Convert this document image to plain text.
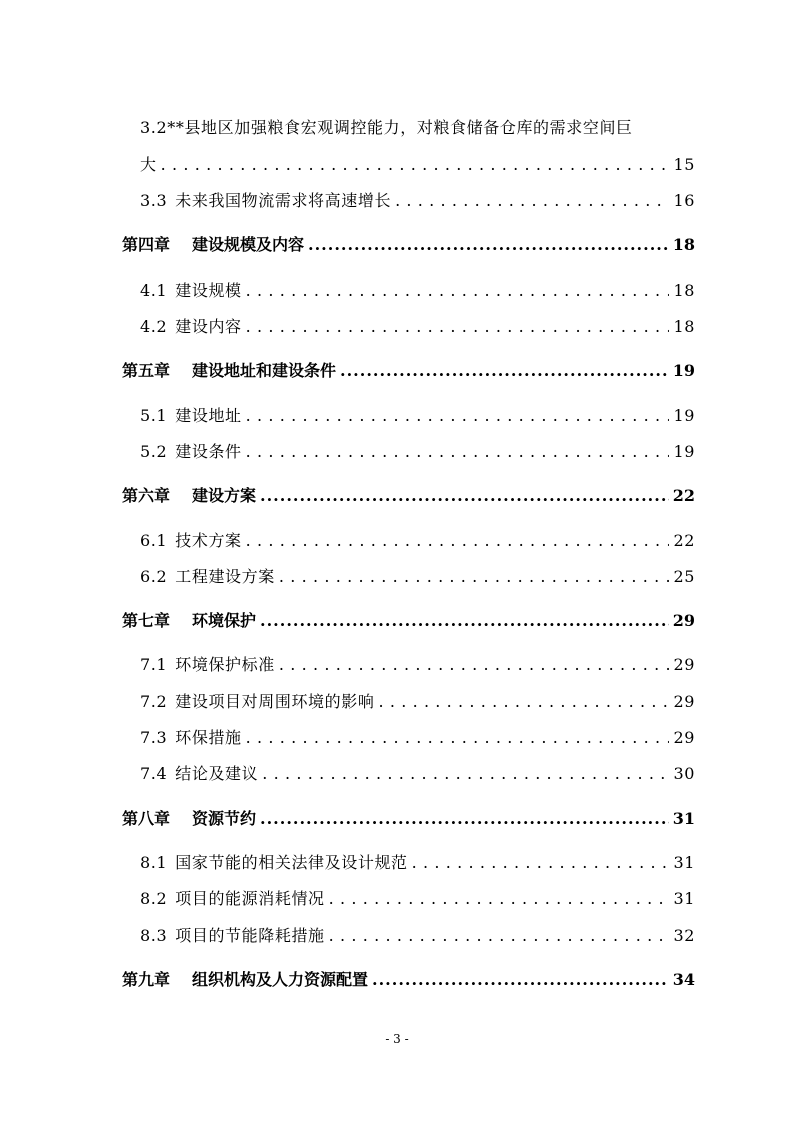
3.2**县地区加强粮食宏观调控能力，对粮食储备仓库的需求空间巨
大 . . .	15
3.3 未来我国物流需求将高速增长 . . .	16
第四章 建设规模及内容 .....	18
4.1 建设规模 . . .	18
4.2 建设内容 . . .	18
第五章 建设地址和建设条件 .....	19
5.1 建设地址 . . .	19
5.2 建设条件 . . .	19
第六章 建设方案 .....	22
6.1 技术方案 . . .	22
6.2 工程建设方案 . . .	25
第七章 环境保护 .....	29
7.1 环境保护标准 . . .	29
7.2 建设项目对周围环境的影响 . . .	29
7.3 环保措施 . . .	29
7.4 结论及建议 . . .	30
第八章 资源节约 .....	31
8.1 国家节能的相关法律及设计规范 . . .	31
8.2 项目的能源消耗情况 . . .	31
8.3 项目的节能降耗措施 . . .	32
第九章 组织机构及人力资源配置 .....	34
- 3 -
